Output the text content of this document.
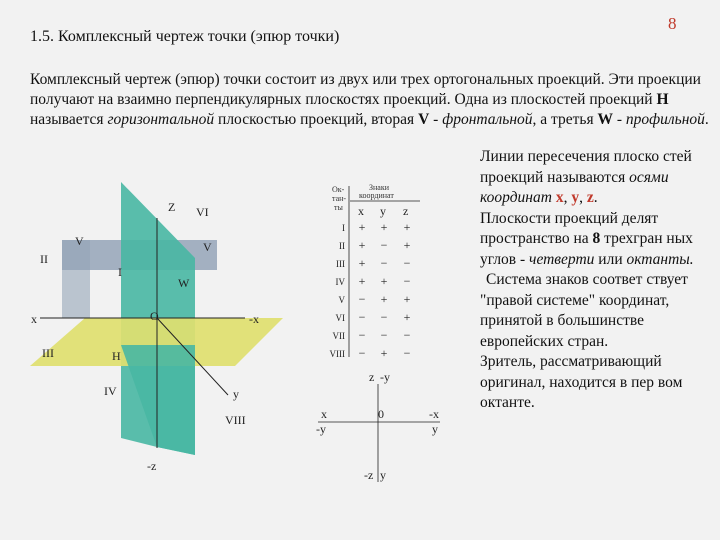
8
1.5. Комплексный чертеж точки (эпюр точки)
Комплексный чертеж (эпюр) точки состоит из двух или трех ортогональных проекций. Эти проекции получают на взаимно перпендикулярных плоскостях проекций. Одна из плоскостей проекций H называется горизонтальной плоскостью проекций, вторая V - фронтальной, а третья W - профильной.

Линии пересечения плоско стей проекций называются осями координат x, y, z.

Плоскости проекций делят пространство на 8 трехгран ных углов - четверти или октанты.

Система знаков соответ ствует "правой системе" координат, принятой в большинстве европейских стран.

Зритель, рассматривающий оригинал, находится в пер вом октанте.

Z VI
V	V
II
I
W
x	O	-x
III	H
IV	y
VIII
-z
Ок-
тан-
ты
Знаки
координат
x y z
I + + +
II + − +
III + − −
IV + + −
V − + +
VI − − +
VII − − −
VIII − + −
z -y
x
-y
0	-x
y
-z y
